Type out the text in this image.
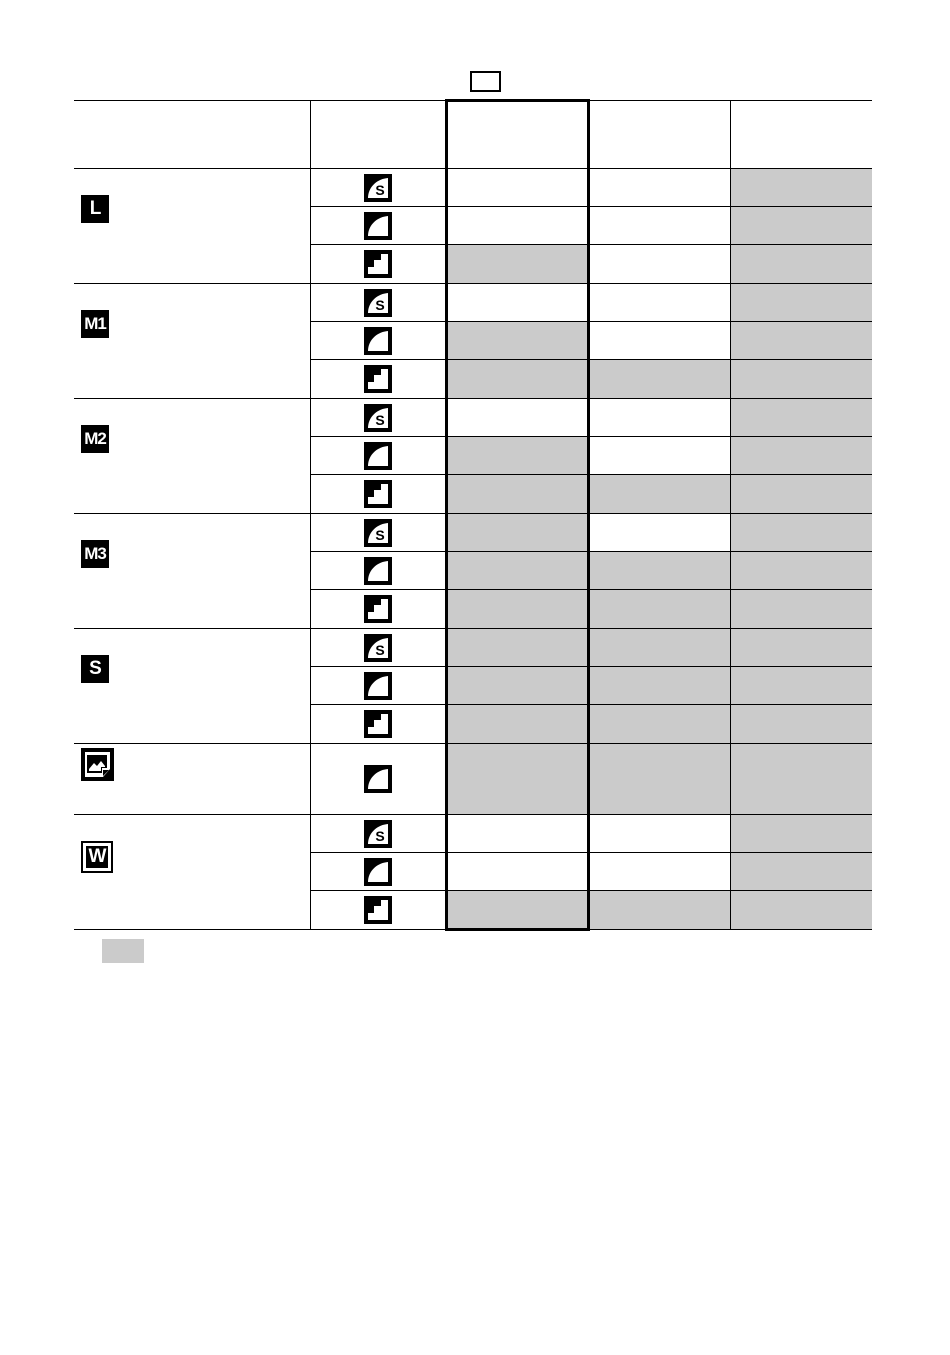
S
L
S
M1
S
M2
S
M3
S
S
S
W
